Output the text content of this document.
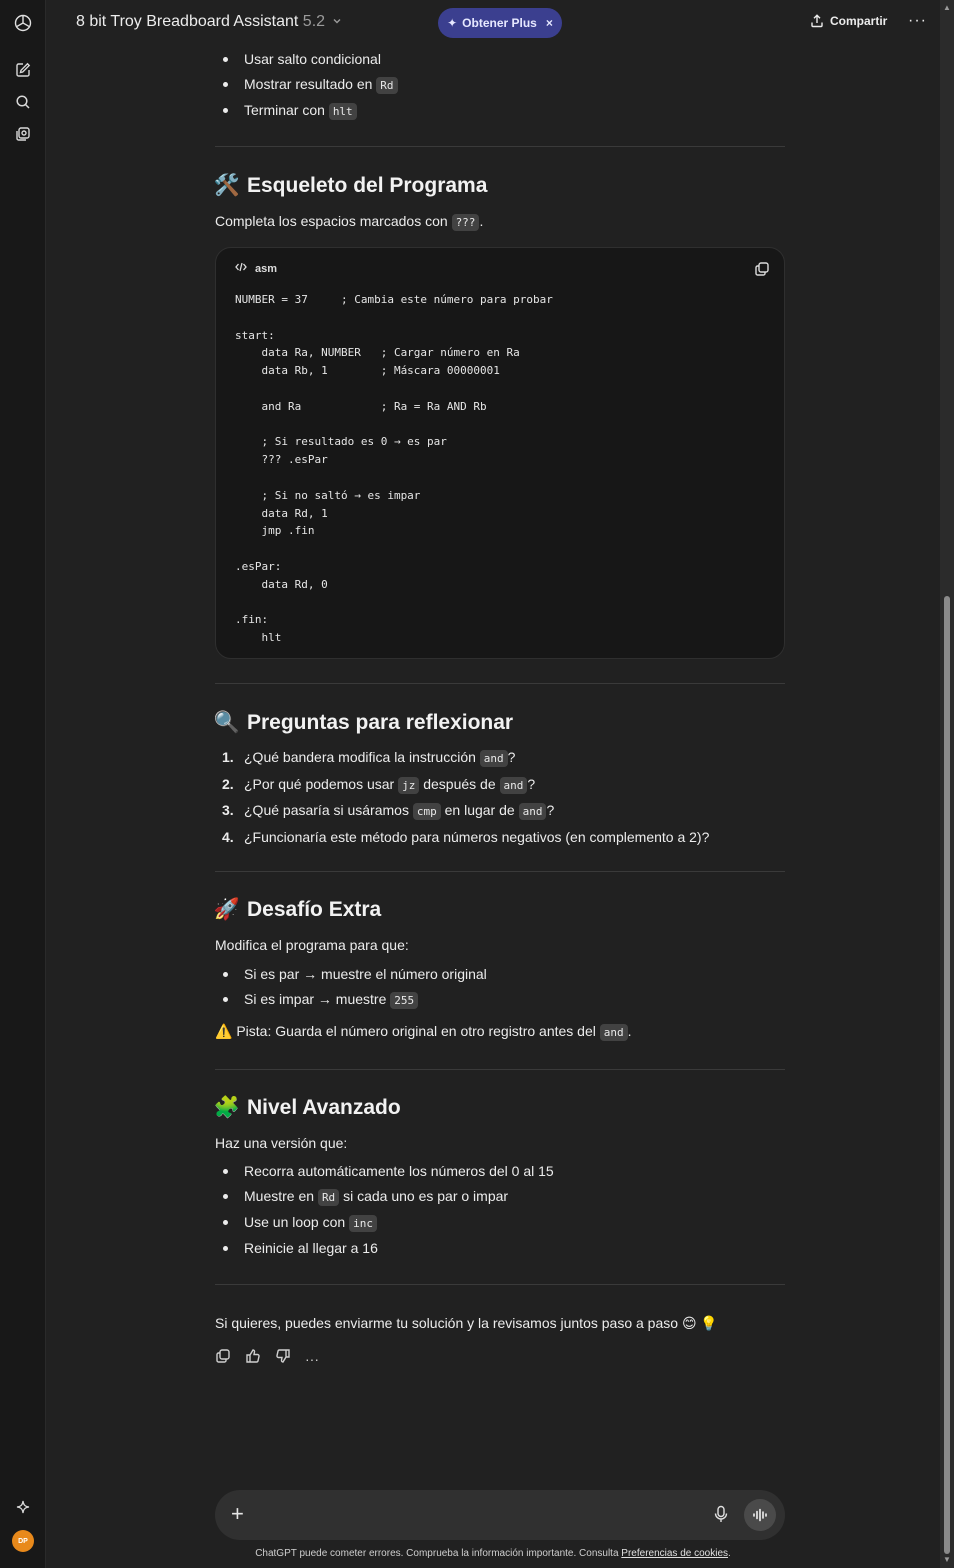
DP
8 bit Troy Breadboard Assistant 5.2	✦ Obtener Plus ×	Compartir ···
Usar salto condicional
Mostrar resultado en Rd
Terminar con hlt
🛠️ Esqueleto del Programa

Completa los espacios marcados con ??? .

asm
NUMBER = 37     ; Cambia este número para probar

start:
data Ra, NUMBER   ; Cargar número en Ra
data Rb, 1        ; Máscara 00000001

and Ra            ; Ra = Ra AND Rb

; Si resultado es 0 → es par
??? .esPar

; Si no saltó → es impar
data Rd, 1
jmp .fin

.esPar:
data Rd, 0

.fin:
hlt
🔍 Preguntas para reflexionar
1. ¿Qué bandera modifica la instrucción and ?
2. ¿Por qué podemos usar jz después de and ?
3. ¿Qué pasaría si usáramos cmp en lugar de and ?
4. ¿Funcionaría este método para números negativos (en complemento a 2)?
🚀 Desafío Extra

Modifica el programa para que:

Si es par → muestre el número original
Si es impar → muestre 255

⚠️ Pista: Guarda el número original en otro registro antes del and .

🧩 Nivel Avanzado

Haz una versión que:

Recorra automáticamente los números del 0 al 15
Muestre en Rd si cada uno es par o impar
Use un loop con inc
Reinicie al llegar a 16

Si quieres, puedes enviarme tu solución y la revisamos juntos paso a paso 😊 💡

···
+
ChatGPT puede cometer errores. Comprueba la información importante. Consulta Preferencias de cookies.
▲
▼
